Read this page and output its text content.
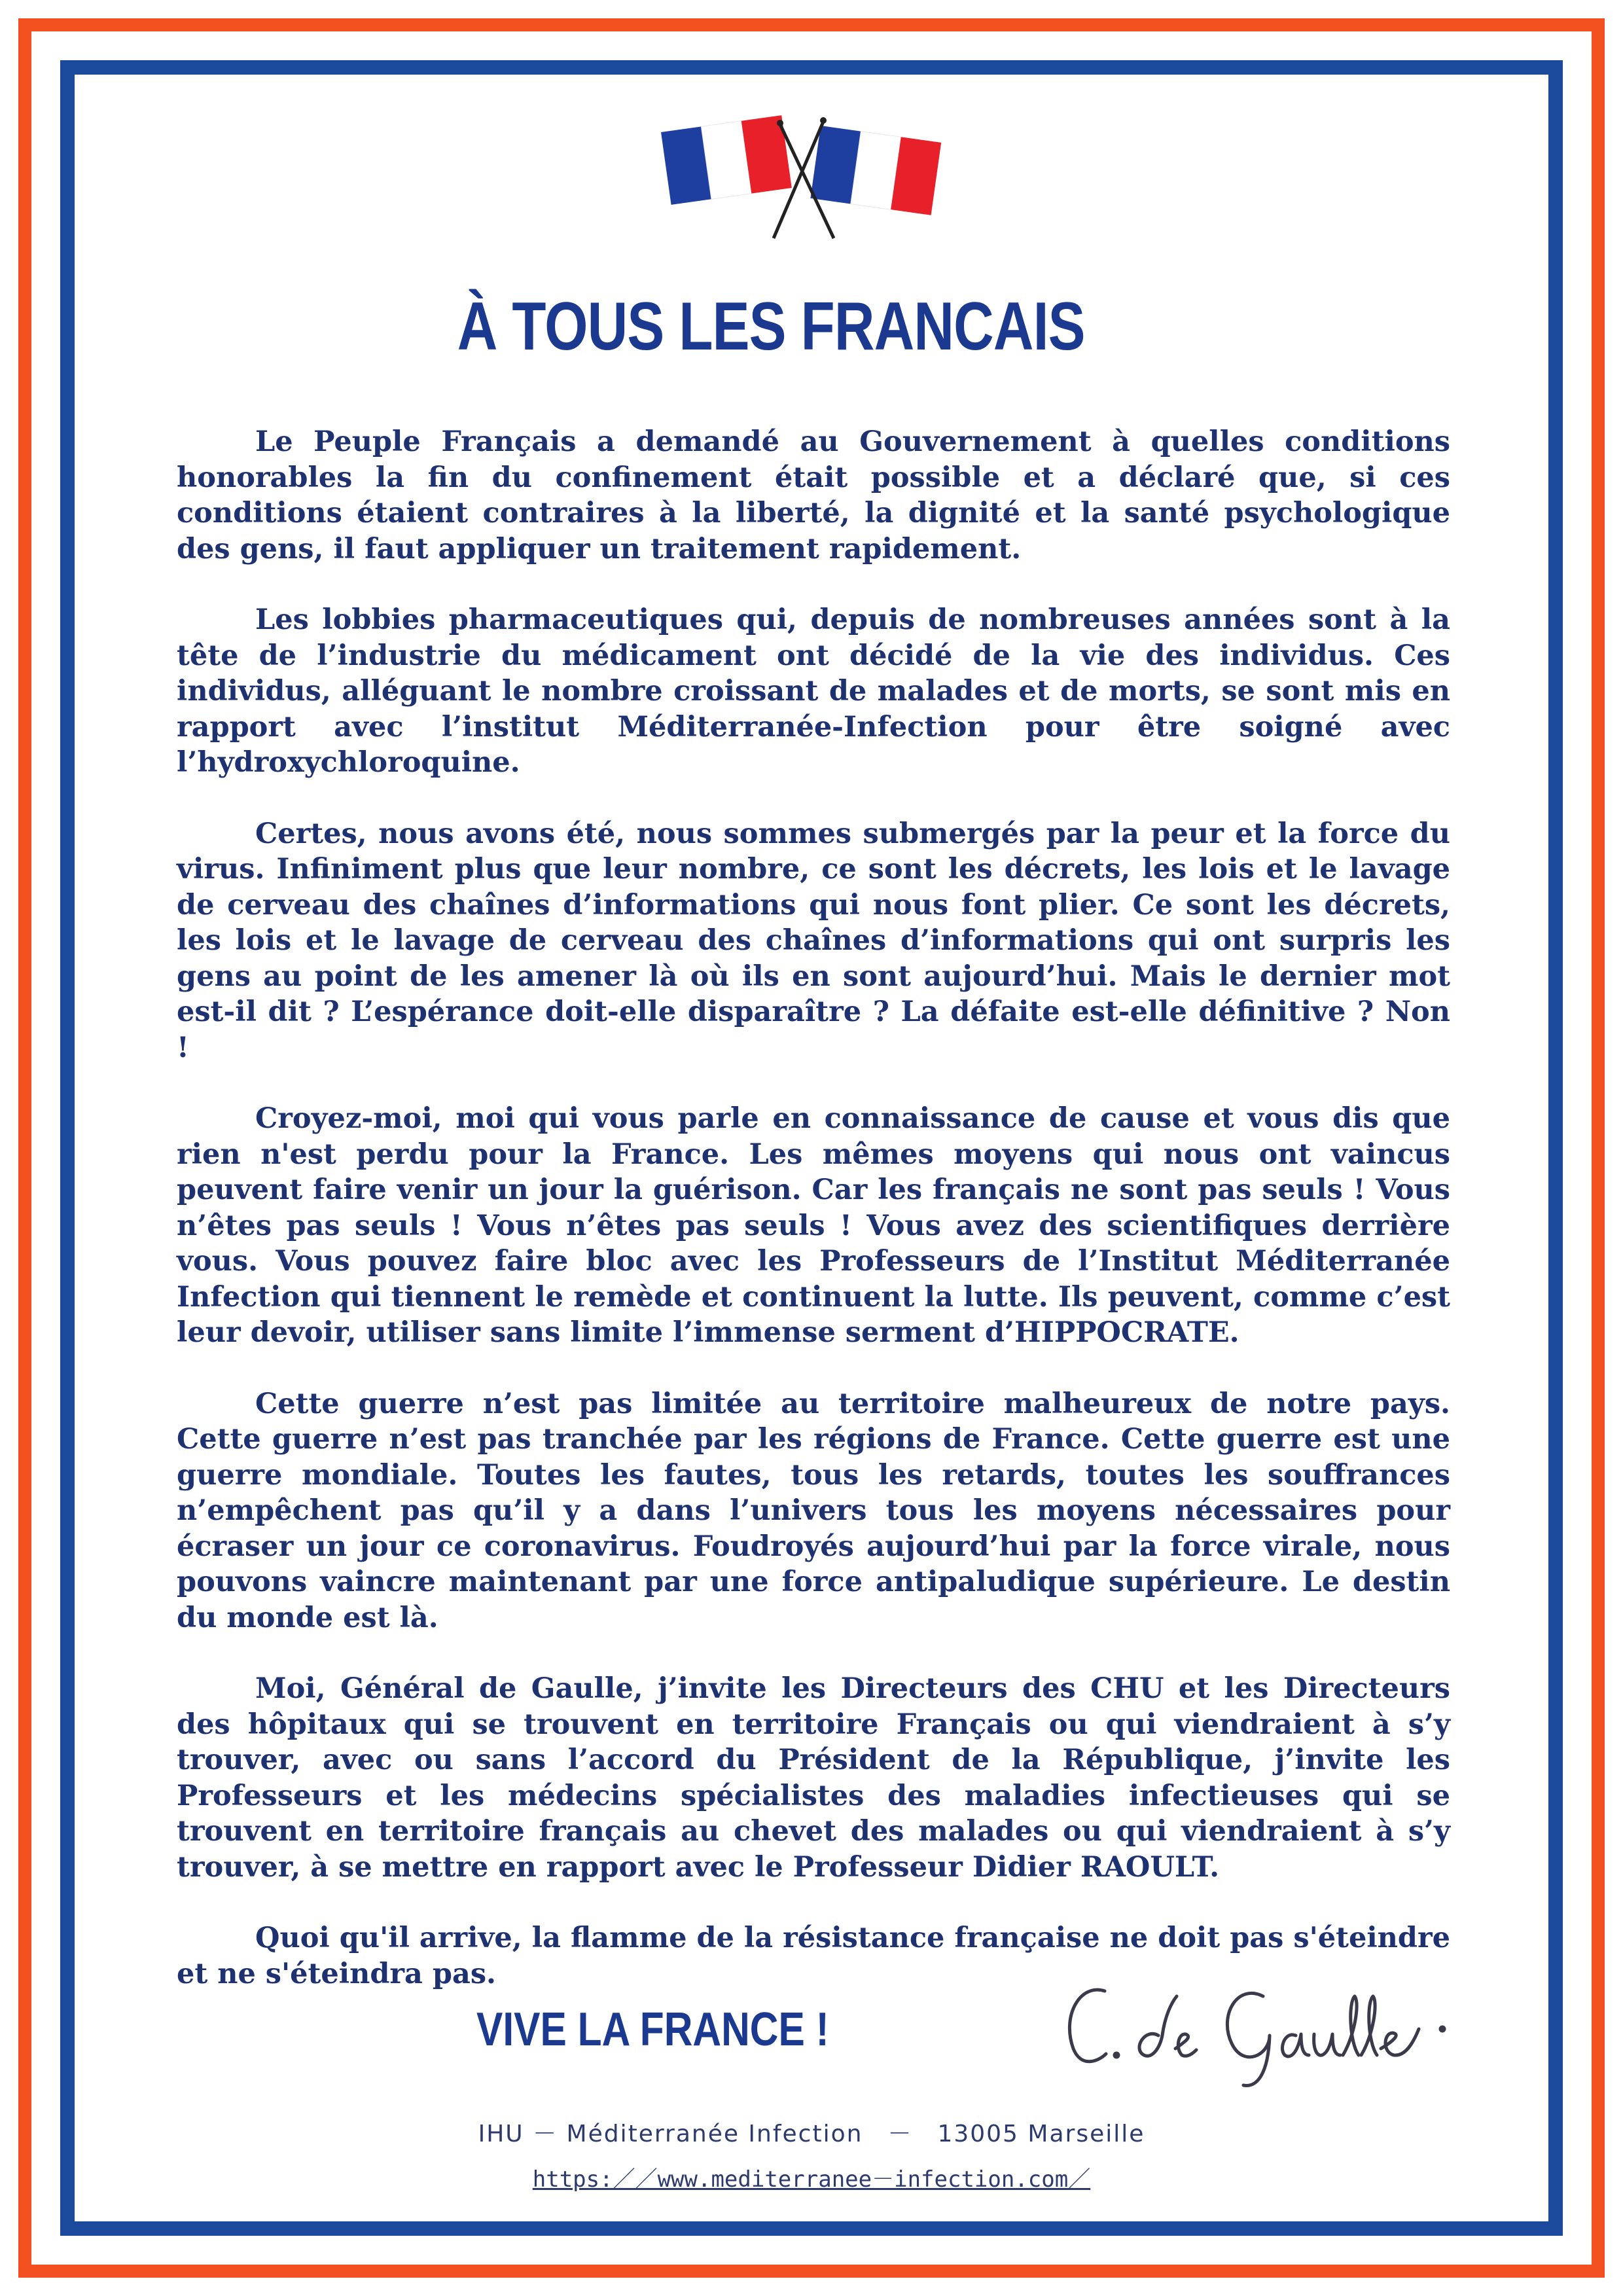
À TOUS LES FRANCAIS

Le Peuple Français a demandé au Gouvernement à quelles conditions honorables la fin du confinement était possible et a déclaré que, si ces conditions étaient contraires à la liberté, la dignité et la santé psychologique des gens, il faut appliquer un traitement rapidement.

Les lobbies pharmaceutiques qui, depuis de nombreuses années sont à la tête de l’industrie du médicament ont décidé de la vie des individus. Ces individus, alléguant le nombre croissant de malades et de morts, se sont mis en rapport avec l’institut Méditerranée-Infection pour être soigné avec l’hydroxychloroquine.

Certes, nous avons été, nous sommes submergés par la peur et la force du virus. Infiniment plus que leur nombre, ce sont les décrets, les lois et le lavage de cerveau des chaînes d’informations qui nous font plier. Ce sont les décrets, les lois et le lavage de cerveau des chaînes d’informations qui ont surpris les gens au point de les amener là où ils en sont aujourd’hui. Mais le dernier mot est-il dit ? L’espérance doit-elle disparaître ? La défaite est-elle définitive ? Non !

Croyez-moi, moi qui vous parle en connaissance de cause et vous dis que rien n'est perdu pour la France. Les mêmes moyens qui nous ont vaincus peuvent faire venir un jour la guérison. Car les français ne sont pas seuls ! Vous n’êtes pas seuls ! Vous n’êtes pas seuls ! Vous avez des scientifiques derrière vous. Vous pouvez faire bloc avec les Professeurs de l’Institut Méditerranée Infection qui tiennent le remède et continuent la lutte. Ils peuvent, comme c’est leur devoir, utiliser sans limite l’immense serment d’HIPPOCRATE.

Cette guerre n’est pas limitée au territoire malheureux de notre pays. Cette guerre n’est pas tranchée par les régions de France. Cette guerre est une guerre mondiale. Toutes les fautes, tous les retards, toutes les souffrances n’empêchent pas qu’il y a dans l’univers tous les moyens nécessaires pour écraser un jour ce coronavirus. Foudroyés aujourd’hui par la force virale, nous pouvons vaincre maintenant par une force antipaludique supérieure. Le destin du monde est là.

Moi, Général de Gaulle, j’invite les Directeurs des CHU et les Directeurs des hôpitaux qui se trouvent en territoire Français ou qui viendraient à s’y trouver, avec ou sans l’accord du Président de la République, j’invite les Professeurs et les médecins spécialistes des maladies infectieuses qui se trouvent en territoire français au chevet des malades ou qui viendraient à s’y trouver, à se mettre en rapport avec le Professeur Didier RAOULT.

Quoi qu'il arrive, la flamme de la résistance française ne doit pas s'éteindre et ne s'éteindra pas.

VIVE LA FRANCE !
IHU － Méditerranée Infection　－　13005 Marseille
https:／／www.mediterranee－infection.com／
